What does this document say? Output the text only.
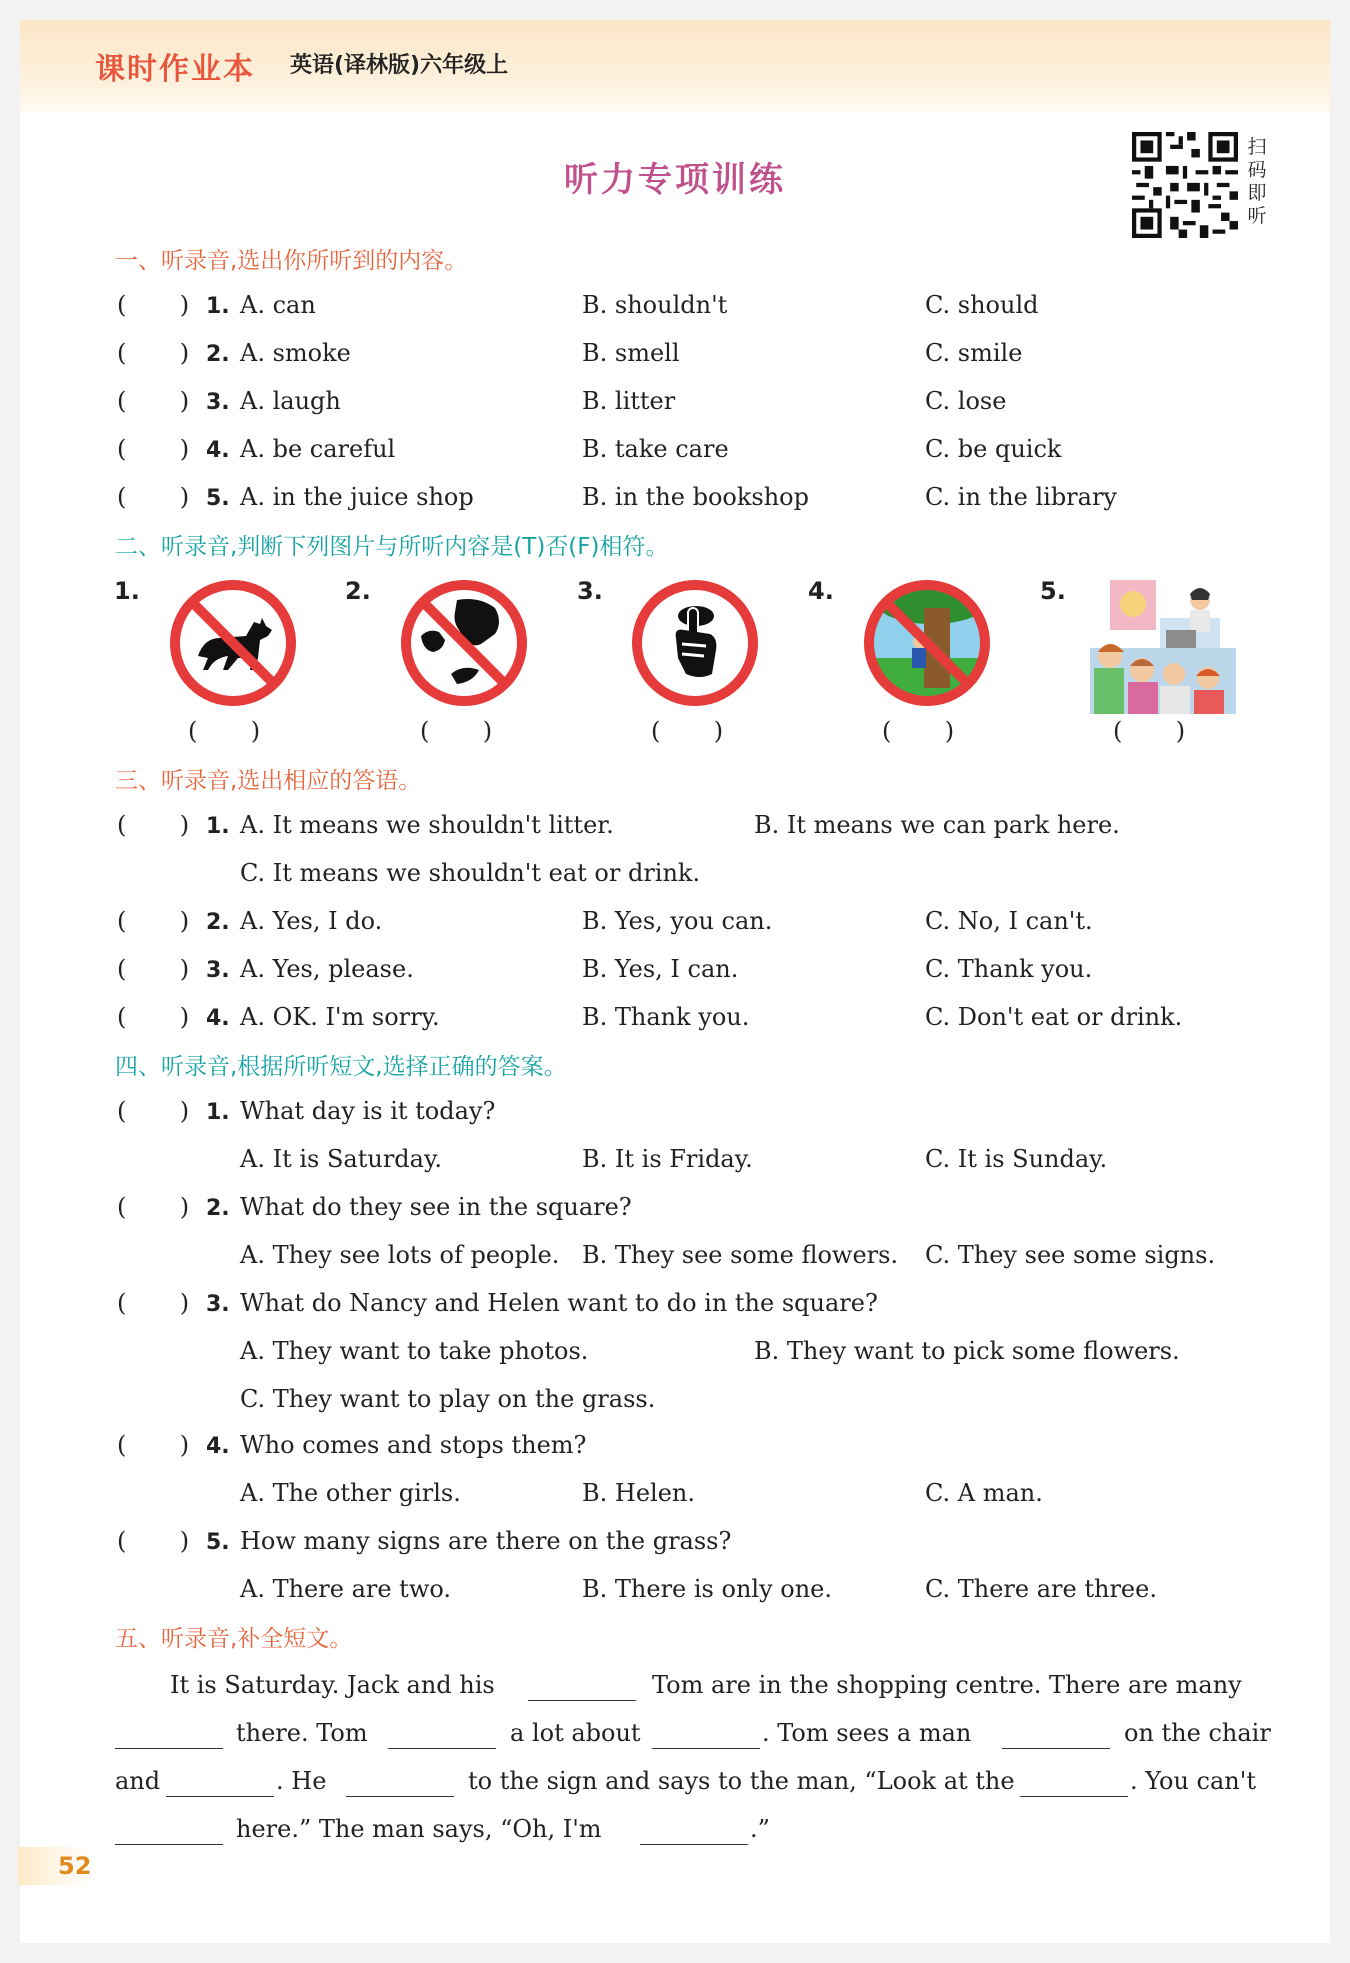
课时作业本 英语(译林版)六年级上
听力专项训练
扫
码
即
听
一、听录音,选出你所听到的内容。
(       ) 1. A. can	B. shouldn't	C. should
(       ) 2. A. smoke	B. smell	C. smile
(       ) 3. A. laugh	B. litter	C. lose
(       ) 4. A. be careful	B. take care	C. be quick
(       ) 5. A. in the juice shop	B. in the bookshop	C. in the library
二、听录音,判断下列图片与所听内容是(T)否(F)相符。
1.	2.	3.	4.	5.
(       )	(       )	(       )	(       )	(       )
三、听录音,选出相应的答语。
(       ) 1. A. It means we shouldn't litter.	B. It means we can park here.
C. It means we shouldn't eat or drink.
(       ) 2. A. Yes, I do.	B. Yes, you can.	C. No, I can't.
(       ) 3. A. Yes, please.	B. Yes, I can.	C. Thank you.
(       ) 4. A. OK. I'm sorry.	B. Thank you.	C. Don't eat or drink.
四、听录音,根据所听短文,选择正确的答案。
(       ) 1. What day is it today?
A. It is Saturday.	B. It is Friday.	C. It is Sunday.
(       ) 2. What do they see in the square?
A. They see lots of people. B. They see some flowers. C. They see some signs.
(       ) 3. What do Nancy and Helen want to do in the square?
A. They want to take photos.	B. They want to pick some flowers.
C. They want to play on the grass.
(       ) 4. Who comes and stops them?
A. The other girls.	B. Helen.	C. A man.
(       ) 5. How many signs are there on the grass?
A. There are two.	B. There is only one.	C. There are three.
五、听录音,补全短文。
It is Saturday. Jack and his	Tom are in the shopping centre. There are many
there. Tom	a lot about	. Tom sees a man	on the chair
and	. He	to the sign and says to the man, “Look at the	. You can't
here.” The man says, “Oh, I'm	.”
52
